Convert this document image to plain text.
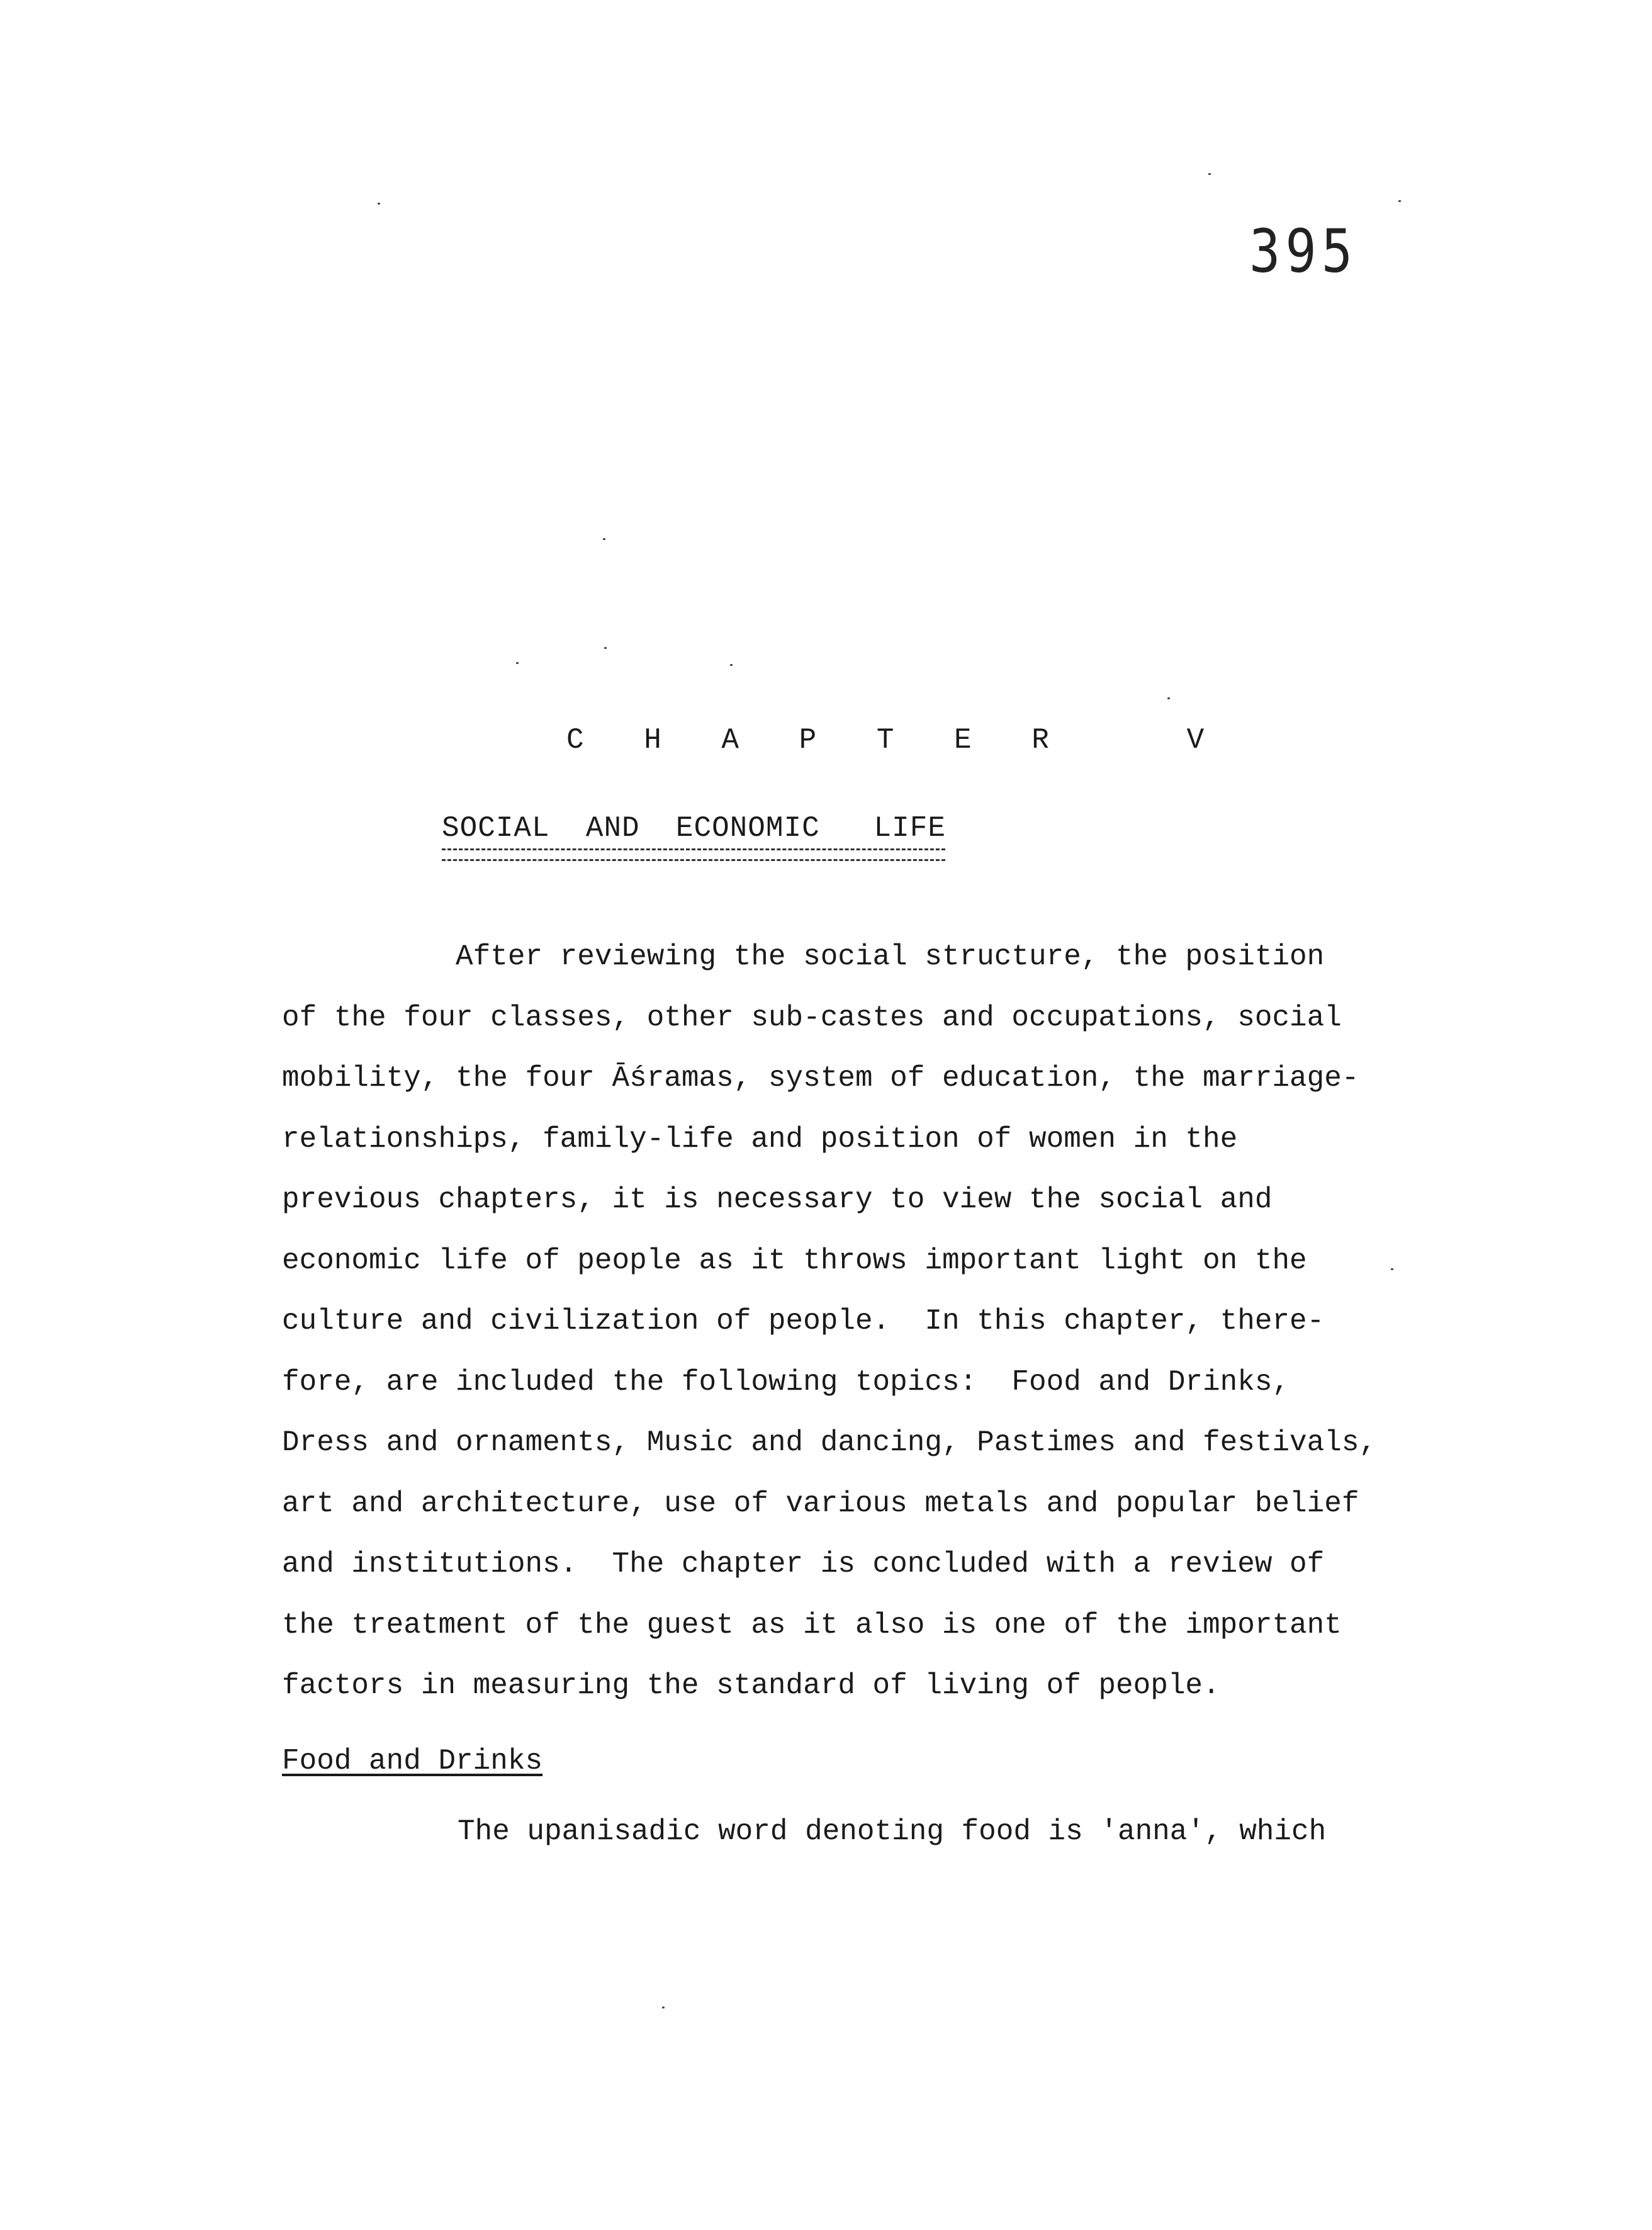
395
C H A P T E R   V
SOCIAL  AND  ECONOMIC   LIFE
After reviewing the social structure, the position
of the four classes, other sub-castes and occupations, social
mobility, the four Āśramas, system of education, the marriage-
relationships, family-life and position of women in the
previous chapters, it is necessary to view the social and
economic life of people as it throws important light on the
culture and civilization of people.  In this chapter, there-
fore, are included the following topics:  Food and Drinks,
Dress and ornaments, Music and dancing, Pastimes and festivals,
art and architecture, use of various metals and popular belief
and institutions.  The chapter is concluded with a review of
the treatment of the guest as it also is one of the important
factors in measuring the standard of living of people.
Food and Drinks
The upanisadic word denoting food is 'anna', which
